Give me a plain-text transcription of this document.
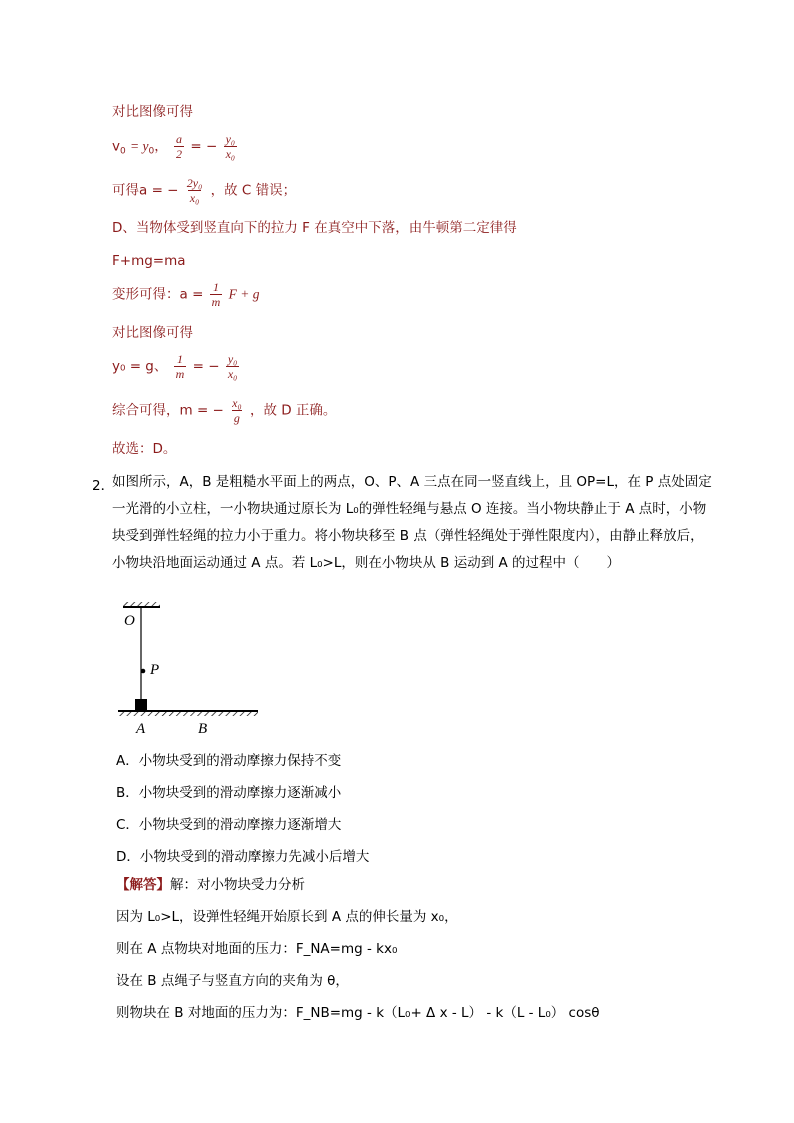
对比图像可得
$v_0 = y_0$， $\frac{a}{2}$ = − $\frac{\text{y₀}}{\text{x₀}}$
可得a = − $\frac{\text{2y₀}}{\text{x₀}}$ ，故 C 错误；
D、当物体受到竖直向下的拉力 F 在真空中下落，由牛顿第二定律得
F+mg=ma
变形可得：$a = \frac{1}{m}$ F + g
对比图像可得
y₀ = g、 $\frac{1}{m}$ = − $\frac{\text{y₀}}{\text{x₀}}$
综合可得，m = − $\frac{\text{x₀}}{g}$ ，故 D 正确。
故选：D。
2．
如图所示，A，B 是粗糙水平面上的两点，O、P、A 三点在同一竖直线上，且 OP=L，在 P 点处固定一光滑的小立柱，一小物块通过原长为 L₀的弹性轻绳与悬点 O 连接。当小物块静止于 A 点时，小物块受到弹性轻绳的拉力小于重力。将小物块移至 B 点（弹性轻绳处于弹性限度内），由静止释放后，小物块沿地面运动通过 A 点。若 L₀>L，则在小物块从 B 运动到 A 的过程中（　　）
O
P
A	B
A．小物块受到的滑动摩擦力保持不变
B．小物块受到的滑动摩擦力逐渐减小
C．小物块受到的滑动摩擦力逐渐增大
D．小物块受到的滑动摩擦力先减小后增大
【解答】解：对小物块受力分析
因为 L₀>L，设弹性轻绳开始原长到 A 点的伸长量为 x₀，
则在 A 点物块对地面的压力：F_NA=mg - kx₀
设在 B 点绳子与竖直方向的夹角为 θ，
则物块在 B 对地面的压力为：F_NB=mg - k（L₀+ Δ x - L） - k（L - L₀） cosθ
